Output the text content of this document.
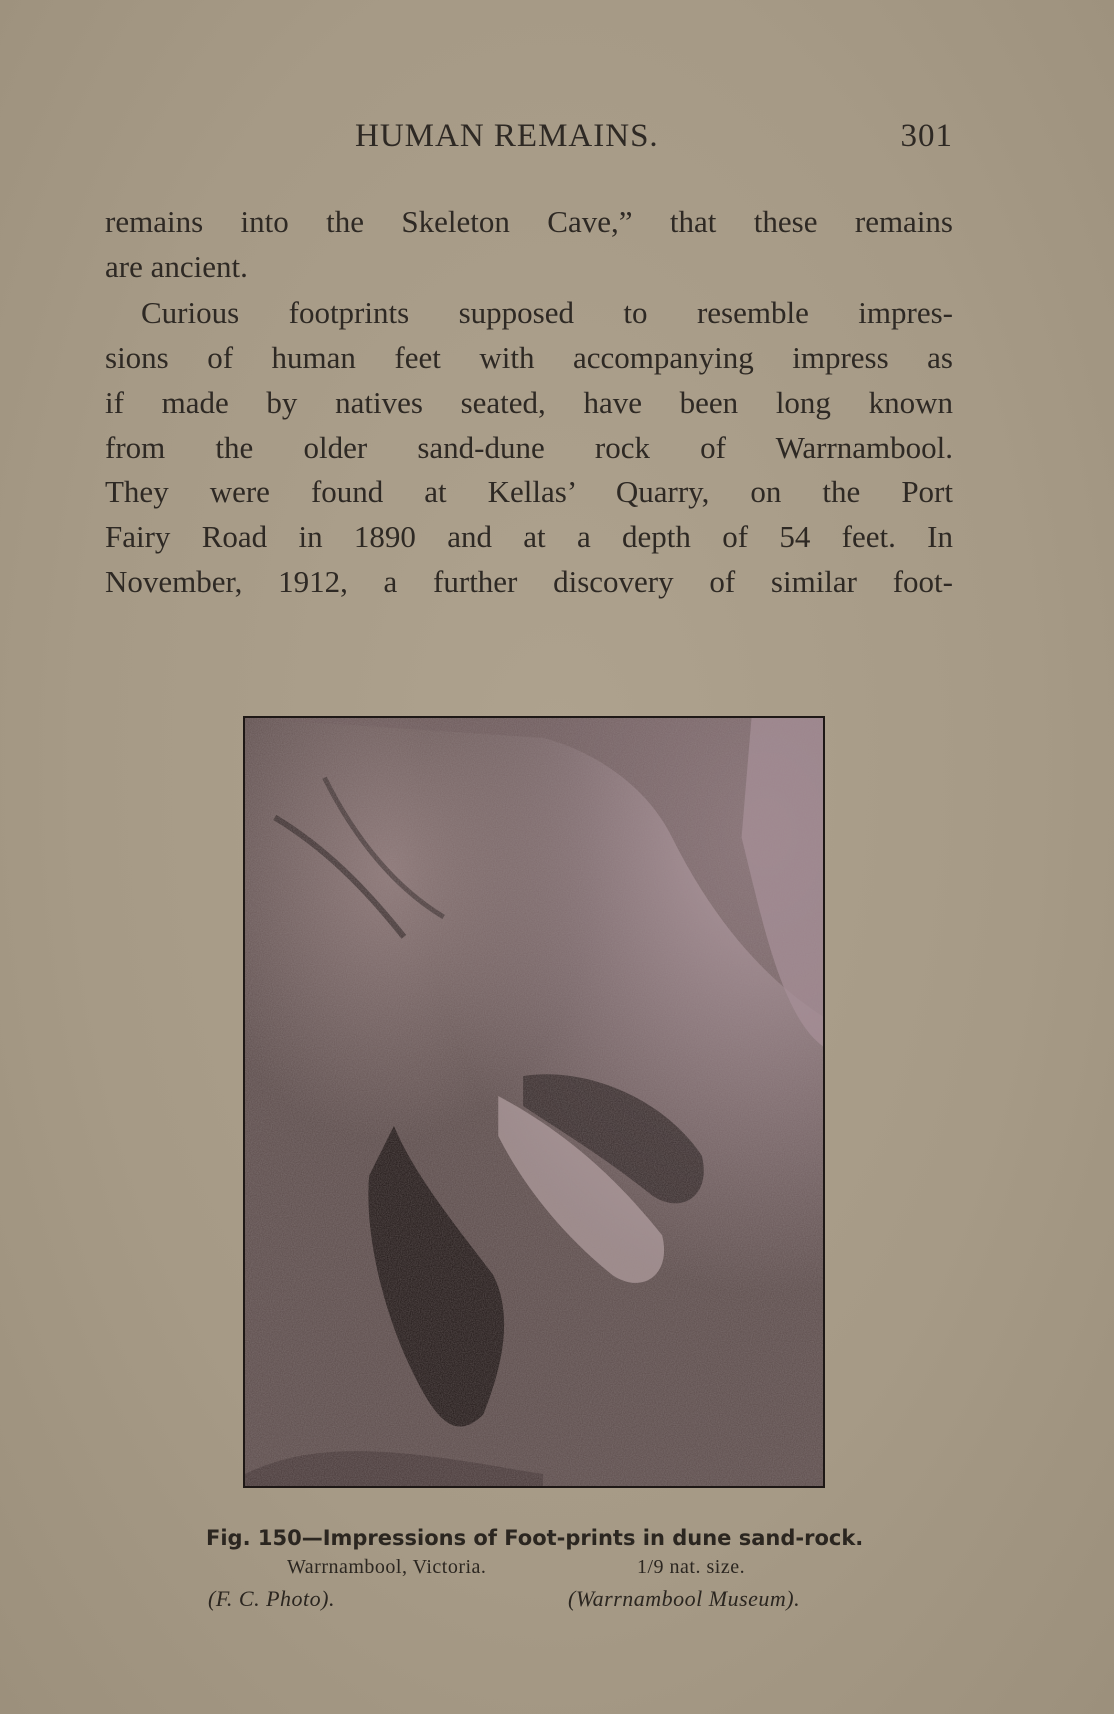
HUMAN REMAINS.	301

remains into the Skeleton Cave,” that these remains

are ancient.

Curious footprints supposed to resemble impres-

sions of human feet with accompanying impress as

if made by natives seated, have been long known

from the older sand-dune rock of Warrnambool.

They were found at Kellas’ Quarry, on the Port

Fairy Road in 1890 and at a depth of 54 feet. In

November, 1912, a further discovery of similar foot-

Fig. 150—Impressions of Foot-prints in dune sand-rock.
Warrnambool, Victoria.	1/9 nat. size.
(F. C. Photo).	(Warrnambool Museum).
